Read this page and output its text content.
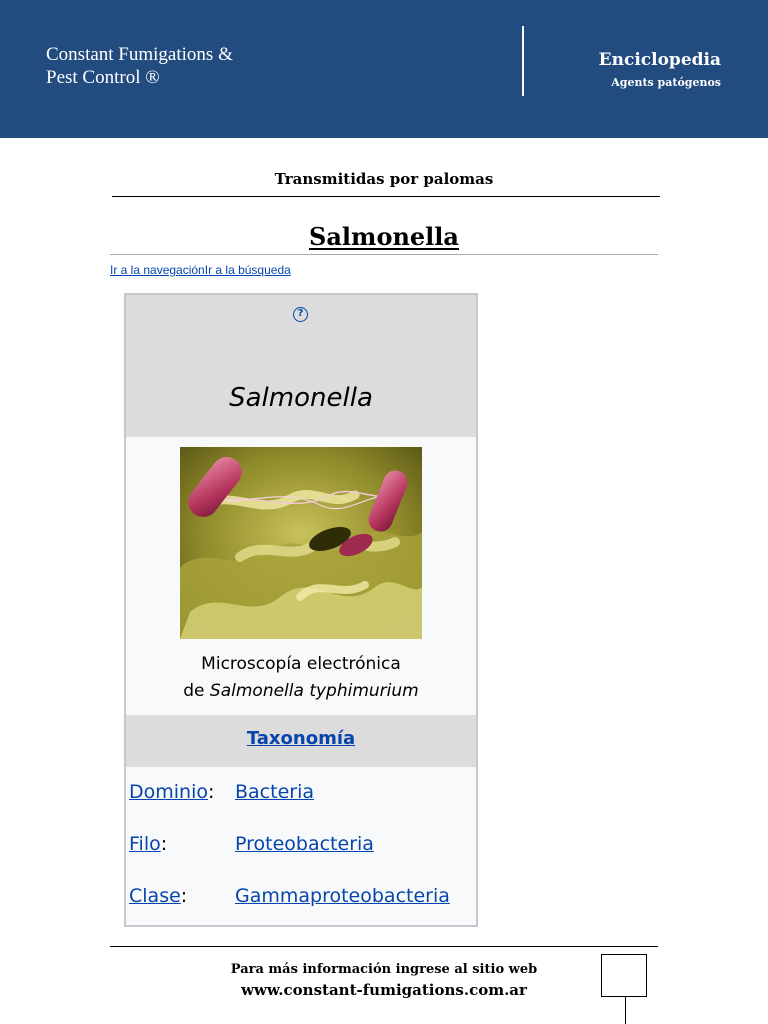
Constant Fumigations &
Pest Control ®
Enciclopedia
Agents patógenos
Transmitidas por palomas
Salmonella
Ir a la navegaciónIr a la búsqueda
?
Salmonella
Microscopía electrónica
de Salmonella typhimurium
Taxonomía
Dominio: Bacteria
Filo:	Proteobacteria
Clase:	Gammaproteobacteria
Para más información ingrese al sitio web
www.constant-fumigations.com.ar
